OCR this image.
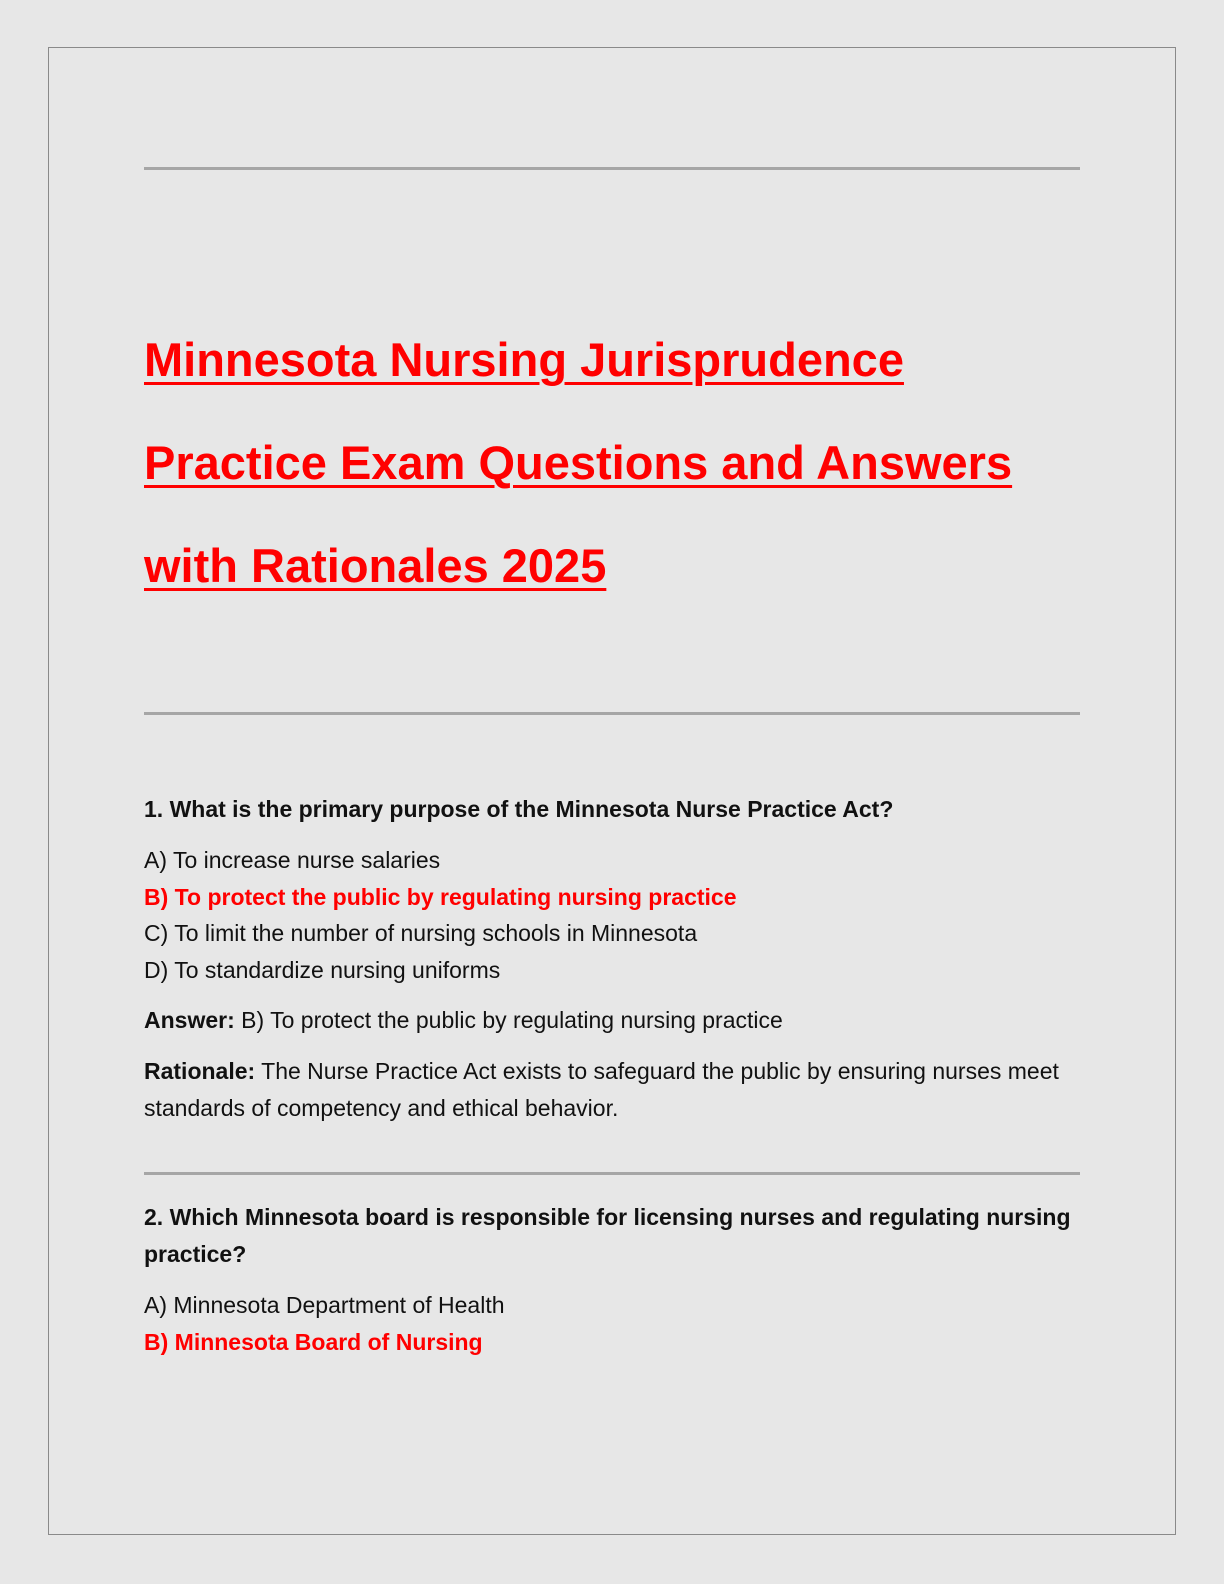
Minnesota Nursing Jurisprudence
Practice Exam Questions and Answers
with Rationales 2025

1. What is the primary purpose of the Minnesota Nurse Practice Act?

A) To increase nurse salaries
B) To protect the public by regulating nursing practice
C) To limit the number of nursing schools in Minnesota
D) To standardize nursing uniforms

Answer: B) To protect the public by regulating nursing practice

Rationale: The Nurse Practice Act exists to safeguard the public by ensuring nurses meet standards of competency and ethical behavior.

2. Which Minnesota board is responsible for licensing nurses and regulating nursing practice?

A) Minnesota Department of Health
B) Minnesota Board of Nursing
